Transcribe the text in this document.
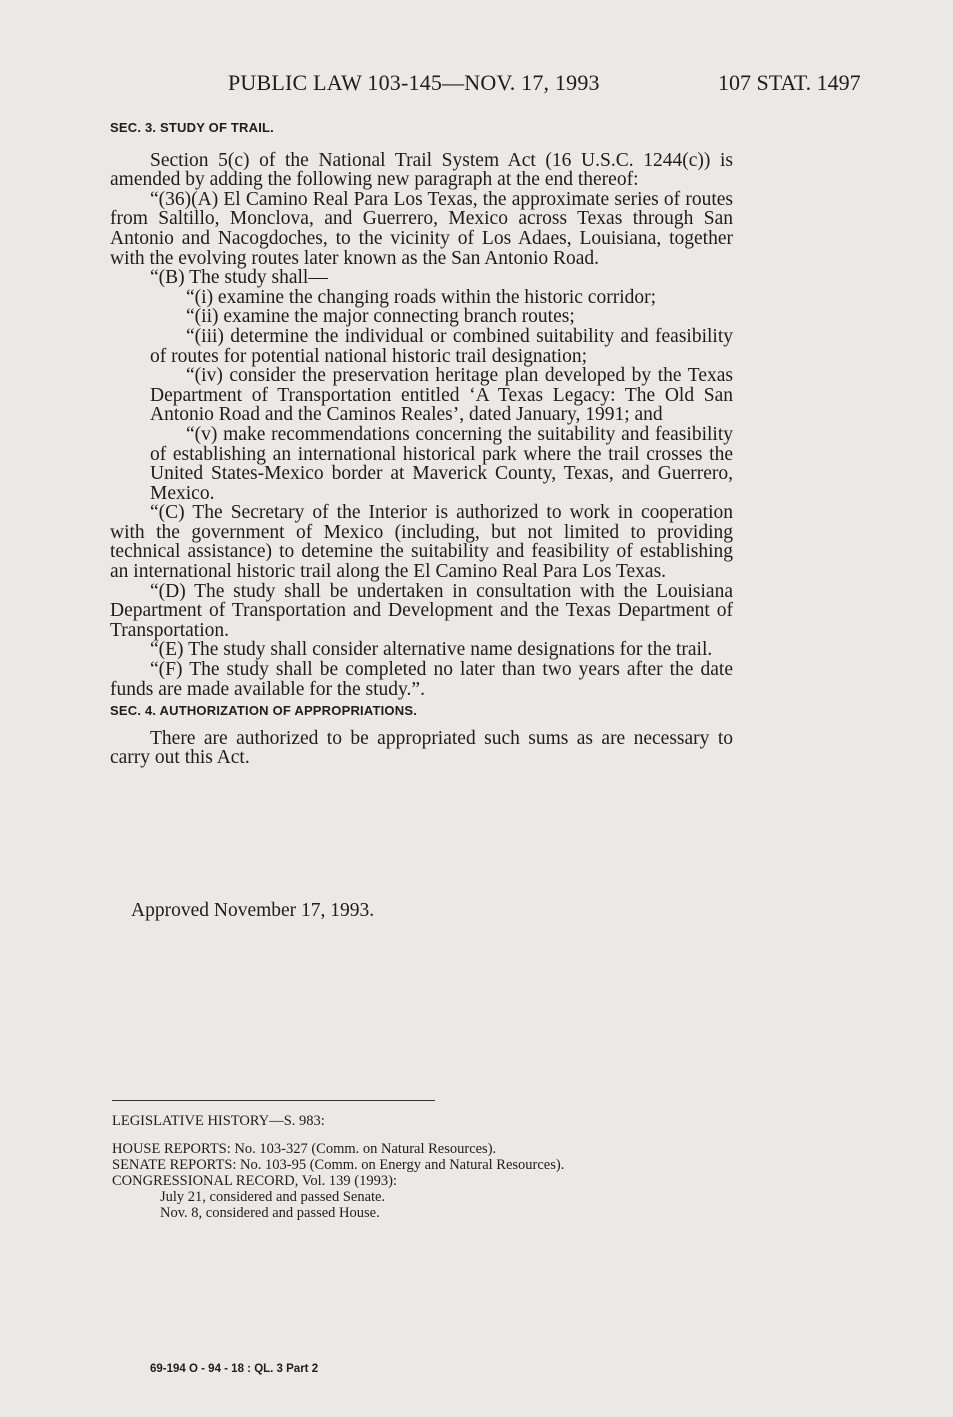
PUBLIC LAW 103-145—NOV. 17, 1993	107 STAT. 1497
SEC. 3. STUDY OF TRAIL.

Section 5(c) of the National Trail System Act (16 U.S.C. 1244(c)) is amended by adding the following new paragraph at the end thereof:

“(36)(A) El Camino Real Para Los Texas, the approximate series of routes from Saltillo, Monclova, and Guerrero, Mexico across Texas through San Antonio and Nacogdoches, to the vicinity of Los Adaes, Louisiana, together with the evolving routes later known as the San Antonio Road.

“(B) The study shall—

“(i) examine the changing roads within the historic corridor;

“(ii) examine the major connecting branch routes;

“(iii) determine the individual or combined suitability and feasibility of routes for potential national historic trail designation;

“(iv) consider the preservation heritage plan developed by the Texas Department of Transportation entitled ‘A Texas Legacy: The Old San Antonio Road and the Caminos Reales’, dated January, 1991; and

“(v) make recommendations concerning the suitability and feasibility of establishing an international historical park where the trail crosses the United States-Mexico border at Maverick County, Texas, and Guerrero, Mexico.

“(C) The Secretary of the Interior is authorized to work in cooperation with the government of Mexico (including, but not limited to providing technical assistance) to detemine the suitability and feasibility of establishing an international historic trail along the El Camino Real Para Los Texas.

“(D) The study shall be undertaken in consultation with the Louisiana Department of Transportation and Development and the Texas Department of Transportation.

“(E) The study shall consider alternative name designations for the trail.

“(F) The study shall be completed no later than two years after the date funds are made available for the study.”.

SEC. 4. AUTHORIZATION OF APPROPRIATIONS.

There are authorized to be appropriated such sums as are necessary to carry out this Act.

Approved November 17, 1993.
LEGISLATIVE HISTORY—S. 983:
HOUSE REPORTS: No. 103-327 (Comm. on Natural Resources).
SENATE REPORTS: No. 103-95 (Comm. on Energy and Natural Resources).
CONGRESSIONAL RECORD, Vol. 139 (1993):
July 21, considered and passed Senate.
Nov. 8, considered and passed House.
69-194 O - 94 - 18 : QL. 3 Part 2
